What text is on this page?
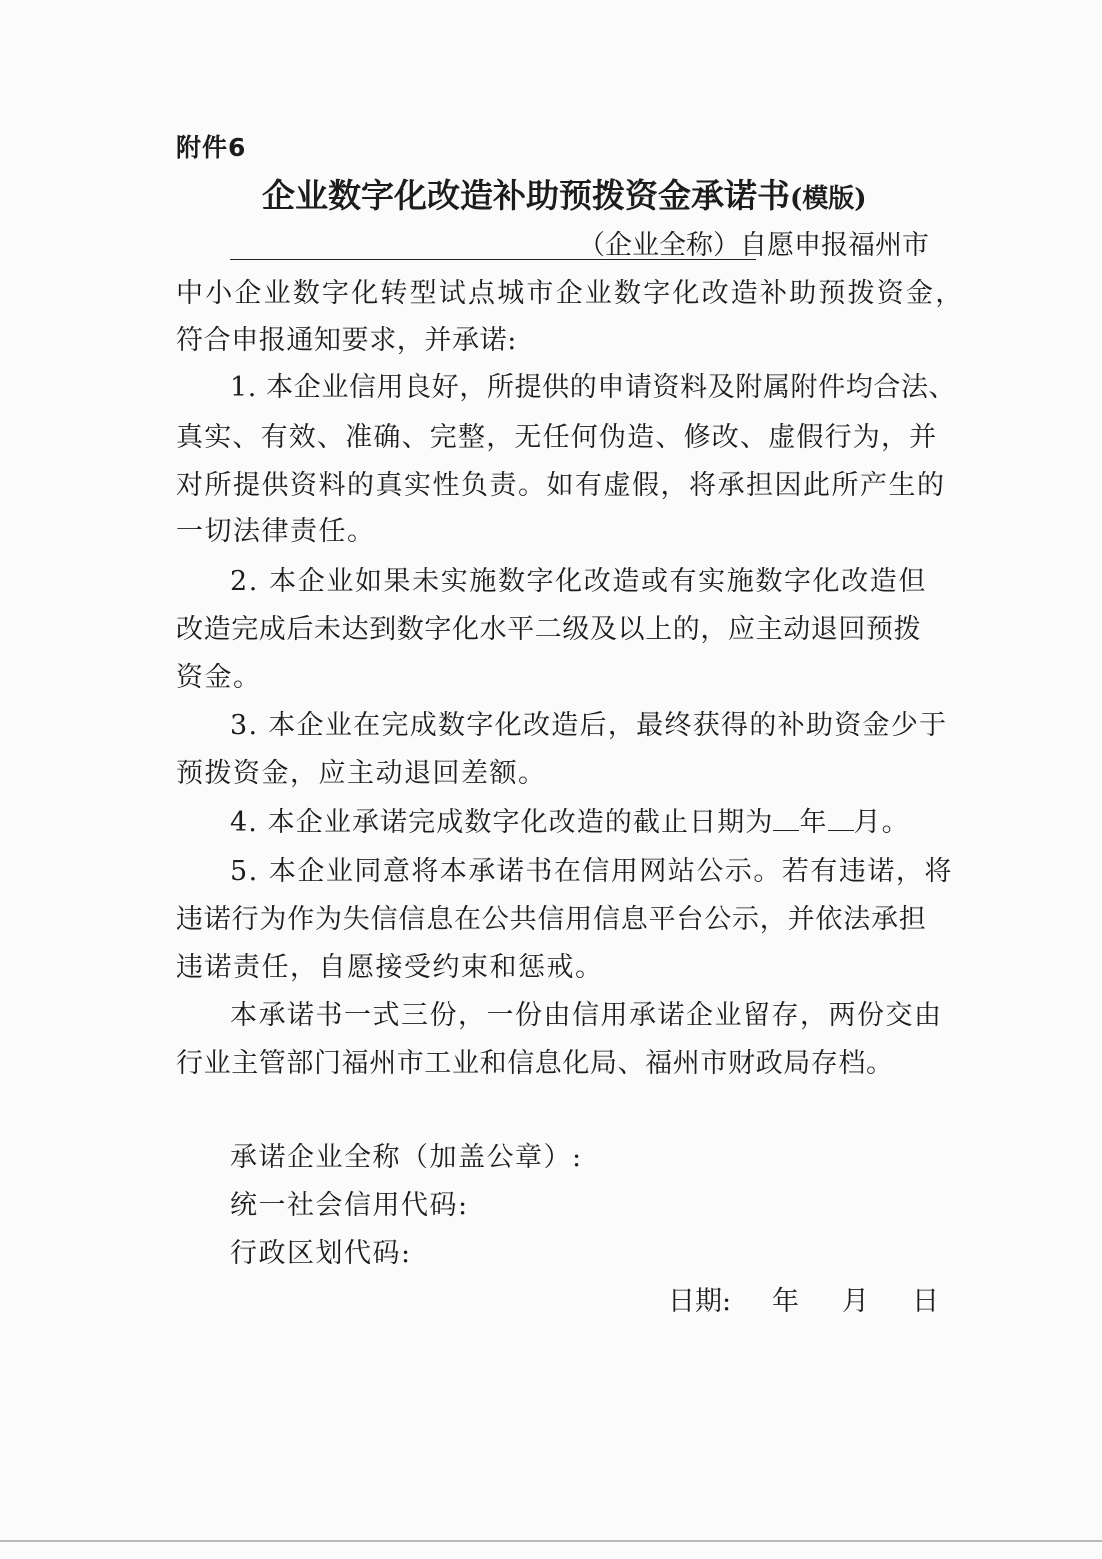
附件6
企业数字化改造补助预拨资金承诺书(模版)
（企业全称）自愿申报福州市
中小企业数字化转型试点城市企业数字化改造补助预拨资金，
符合申报通知要求，并承诺:
1. 本企业信用良好，所提供的申请资料及附属附件均合法、
真实、有效、准确、完整，无任何伪造、修改、虚假行为，并
对所提供资料的真实性负责。如有虚假，将承担因此所产生的
一切法律责任。
2. 本企业如果未实施数字化改造或有实施数字化改造但
改造完成后未达到数字化水平二级及以上的，应主动退回预拨
资金。
3. 本企业在完成数字化改造后，最终获得的补助资金少于
预拨资金，应主动退回差额。
4. 本企业承诺完成数字化改造的截止日期为 年 月。
5. 本企业同意将本承诺书在信用网站公示。若有违诺，将
违诺行为作为失信信息在公共信用信息平台公示，并依法承担
违诺责任，自愿接受约束和惩戒。
本承诺书一式三份，一份由信用承诺企业留存，两份交由
行业主管部门福州市工业和信息化局、福州市财政局存档。
承诺企业全称（加盖公章）:
统一社会信用代码:
行政区划代码:
日期: 年 月 日
